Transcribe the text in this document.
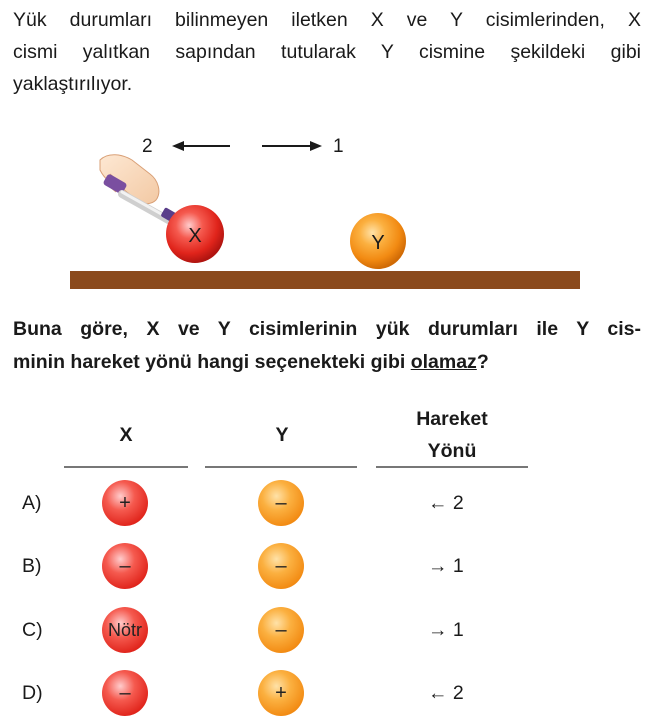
Yük durumları bilinmeyen iletken X ve Y cisimlerinden, X
cismi yalıtkan sapından tutularak Y cismine şekildeki gibi
yaklaştırılıyor.
2	1
X	Y
Buna göre, X ve Y cisimlerinin yük durumları ile Y cis-
minin hareket yönü hangi seçenekteki gibi olamaz?
X	Y
Hareket
Yönü
A)	+	–	← 2
B)	–	–	→ 1
C)	Nötr	–	→ 1
D)	–	+	← 2
